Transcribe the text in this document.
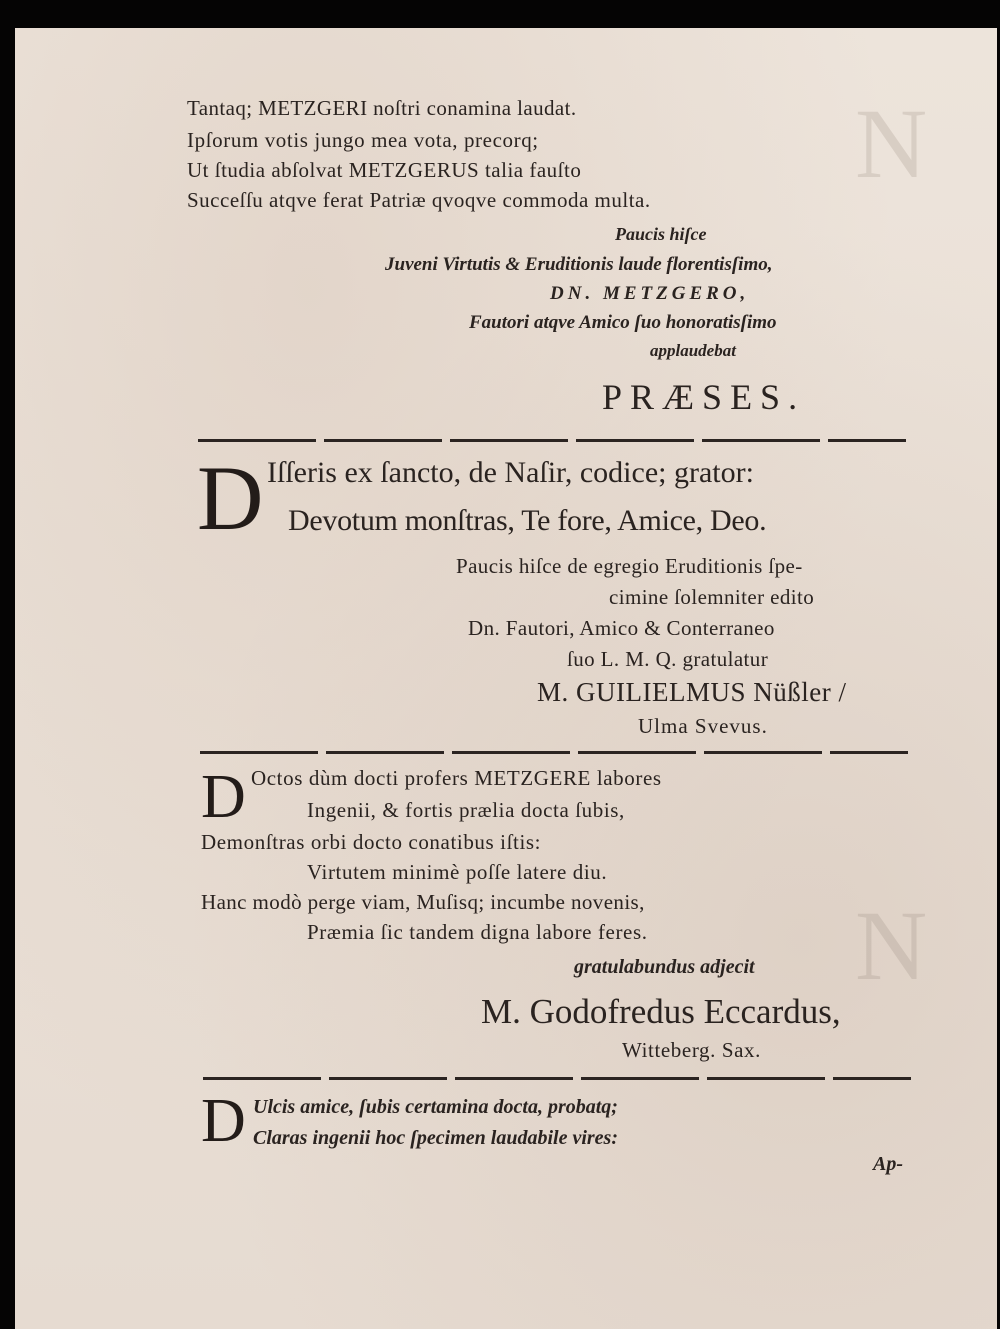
N
N
Tantaq; METZGERI noſtri conamina laudat.
Ipſorum votis jungo mea vota, precorq;
Ut ſtudia abſolvat METZGERUS talia fauſto
Succeſſu atqve ferat Patriæ qvoqve commoda multa.
Paucis hiſce
Juveni Virtutis & Eruditionis laude florentisſimo,
DN. METZGERO,
Fautori atqve Amico ſuo honoratisſimo
applaudebat
PRÆSES.
D Iſſeris ex ſancto, de Naſir, codice; grator:
Devotum monſtras, Te fore, Amice, Deo.
Paucis hiſce de egregio Eruditionis ſpe-
cimine ſolemniter edito
Dn. Fautori, Amico & Conterraneo
ſuo L. M. Q. gratulatur
M. GUILIELMUS Nüßler /
Ulma Svevus.
D Octos dùm docti profers METZGERE labores
Ingenii, & fortis prælia docta ſubis,
Demonſtras orbi docto conatibus iſtis:
Virtutem minimè poſſe latere diu.
Hanc modò perge viam, Muſisq; incumbe novenis,
Præmia ſic tandem digna labore feres.
gratulabundus adjecit
M. Godofredus Eccardus,
Witteberg. Sax.
D Ulcis amice, ſubis certamina docta, probatq;
Claras ingenii hoc ſpecimen laudabile vires:
Ap-
